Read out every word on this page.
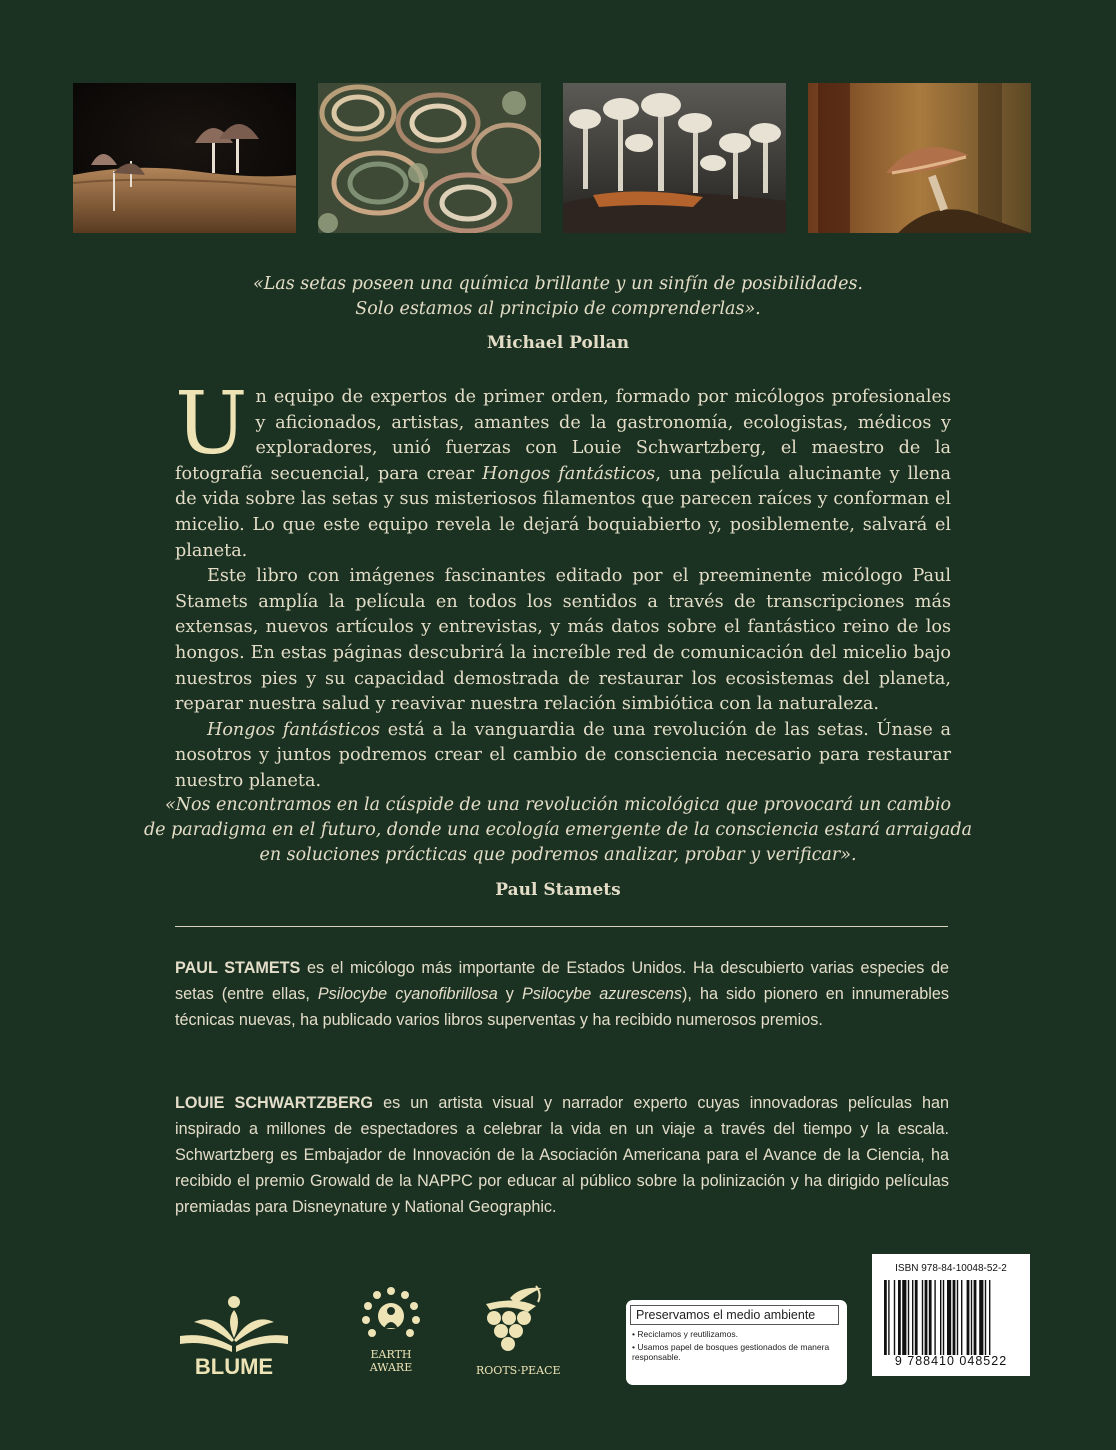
«Las setas poseen una química brillante y un sinfín de posibilidades.
Solo estamos al principio de comprenderlas».
Michael Pollan

Un equipo de expertos de primer orden, formado por micólogos profesionales y aficionados, artistas, amantes de la gastronomía, ecologistas, médicos y exploradores, unió fuerzas con Louie Schwartzberg, el maestro de la fotografía secuencial, para crear Hongos fantásticos, una película alucinante y llena de vida sobre las setas y sus misteriosos filamentos que parecen raíces y conforman el micelio. Lo que este equipo revela le dejará boquiabierto y, posiblemente, salvará el planeta.

Este libro con imágenes fascinantes editado por el preeminente micólogo Paul Stamets amplía la película en todos los sentidos a través de transcripciones más extensas, nuevos artículos y entrevistas, y más datos sobre el fantástico reino de los hongos. En estas páginas descubrirá la increíble red de comunicación del micelio bajo nuestros pies y su capacidad demostrada de restaurar los ecosistemas del planeta, reparar nuestra salud y reavivar nuestra relación simbiótica con la naturaleza.

Hongos fantásticos está a la vanguardia de una revolución de las setas. Únase a nosotros y juntos podremos crear el cambio de consciencia necesario para restaurar nuestro planeta.

«Nos encontramos en la cúspide de una revolución micológica que provocará un cambio
de paradigma en el futuro, donde una ecología emergente de la consciencia estará arraigada
en soluciones prácticas que podremos analizar, probar y verificar».
Paul Stamets
PAUL STAMETS es el micólogo más importante de Estados Unidos. Ha descubierto varias especies de setas (entre ellas, Psilocybe cyanofibrillosa y Psilocybe azurescens), ha sido pionero en innumerables técnicas nuevas, ha publicado varios libros superventas y ha recibido numerosos premios.
LOUIE SCHWARTZBERG es un artista visual y narrador experto cuyas innovadoras películas han inspirado a millones de espectadores a celebrar la vida en un viaje a través del tiempo y la escala. Schwartzberg es Embajador de Innovación de la Asociación Americana para el Avance de la Ciencia, ha recibido el premio Growald de la NAPPC por educar al público sobre la polinización y ha dirigido películas premiadas para Disneynature y National Geographic.
BLUME	EARTH
AWARE	ROOTS·PEACE
Preservamos el medio ambiente
• Reciclamos y reutilizamos.
• Usamos papel de bosques gestionados de manera responsable.
ISBN 978-84-10048-52-2
9 788410 048522
